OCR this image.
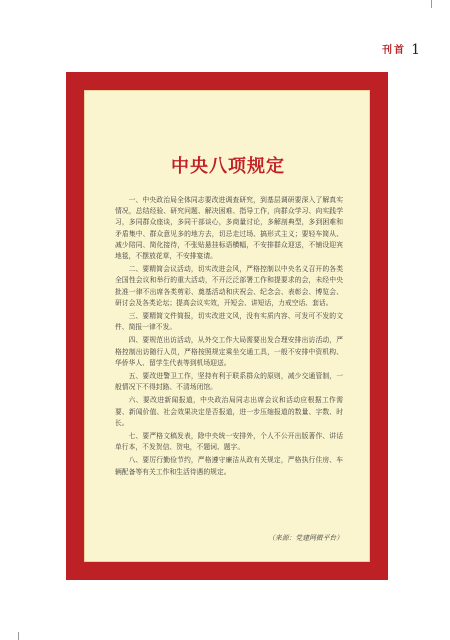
刊首 1
中央八项规定

一、中央政治局全体同志要改进调查研究，到基层调研要深入了解真实情况，总结经验、研究问题、解决困难、指导工作，向群众学习、向实践学习，多同群众座谈，多同干部谈心，多商量讨论，多解剖典型，多到困难和矛盾集中、群众意见多的地方去，切忌走过场、搞形式主义；要轻车简从、减少陪同、简化接待，不张贴悬挂标语横幅，不安排群众迎送，不铺设迎宾地毯，不摆放花草，不安排宴请。

二、要精简会议活动，切实改进会风，严格控制以中央名义召开的各类全国性会议和举行的重大活动，不开泛泛部署工作和提要求的会，未经中央批准一律不出席各类剪彩、奠基活动和庆祝会、纪念会、表彰会、博览会、研讨会及各类论坛；提高会议实效，开短会、讲短话，力戒空话、套话。

三、要精简文件简报，切实改进文风，没有实质内容、可发可不发的文件、简报一律不发。

四、要规范出访活动，从外交工作大局需要出发合理安排出访活动，严格控制出访随行人员，严格按照规定乘坐交通工具，一般不安排中资机构、华侨华人、留学生代表等到机场迎送。

五、要改进警卫工作，坚持有利于联系群众的原则，减少交通管制，一般情况下不得封路、不清场闭馆。

六、要改进新闻报道，中央政治局同志出席会议和活动应根据工作需要、新闻价值、社会效果决定是否报道，进一步压缩报道的数量、字数、时长。

七、要严格文稿发表，除中央统一安排外，个人不公开出版著作、讲话单行本，不发贺信、贺电，不题词、题字。

八、要厉行勤俭节约，严格遵守廉洁从政有关规定，严格执行住房、车辆配备等有关工作和生活待遇的规定。

（来源：党建网微平台）
